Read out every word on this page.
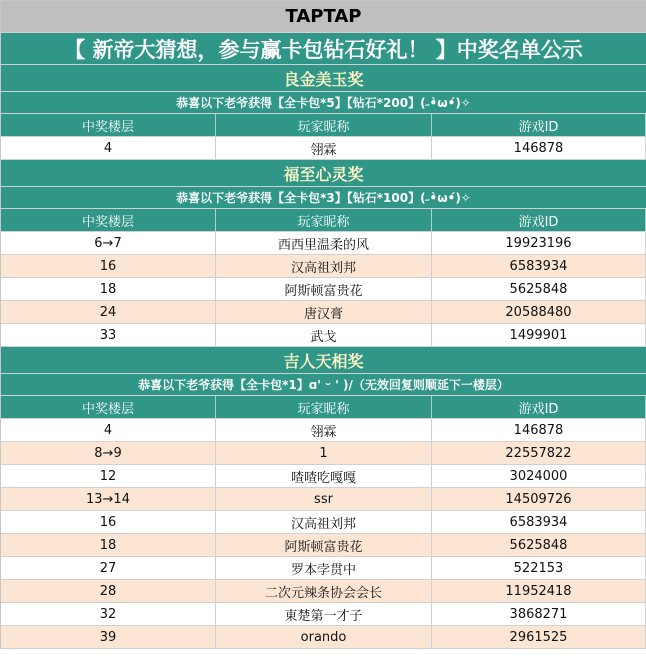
TAPTAP
【 新帝大猜想，参与赢卡包钻石好礼！ 】中奖名单公示
良金美玉奖
恭喜以下老爷获得【全卡包*5】【钻石*200】(˶•̀ω•́)✧
中奖楼层	玩家昵称	游戏ID
4	翎霖	146878
福至心灵奖
恭喜以下老爷获得【全卡包*3】【钻石*100】(˶•̀ω•́)✧
中奖楼层	玩家昵称	游戏ID
6→7	西西里温柔的风	19923196
16	汉高祖刘邦	6583934
18	阿斯顿富贵花	5625848
24	唐汉膏	20588480
33	武戈	1499901
吉人天相奖
恭喜以下老爷获得【全卡包*1】ɑ' ᵕ ' )/（无效回复则顺延下一楼层）
中奖楼层	玩家昵称	游戏ID
4	翎霖	146878
8→9	1	22557822
12	喳喳吃嘎嘎	3024000
13→14	ssr	14509726
16	汉高祖刘邦	6583934
18	阿斯顿富贵花	5625848
27	罗本孛贯中	522153
28	二次元辣条协会会长	11952418
32	東楚第一才子	3868271
39	orando	2961525
